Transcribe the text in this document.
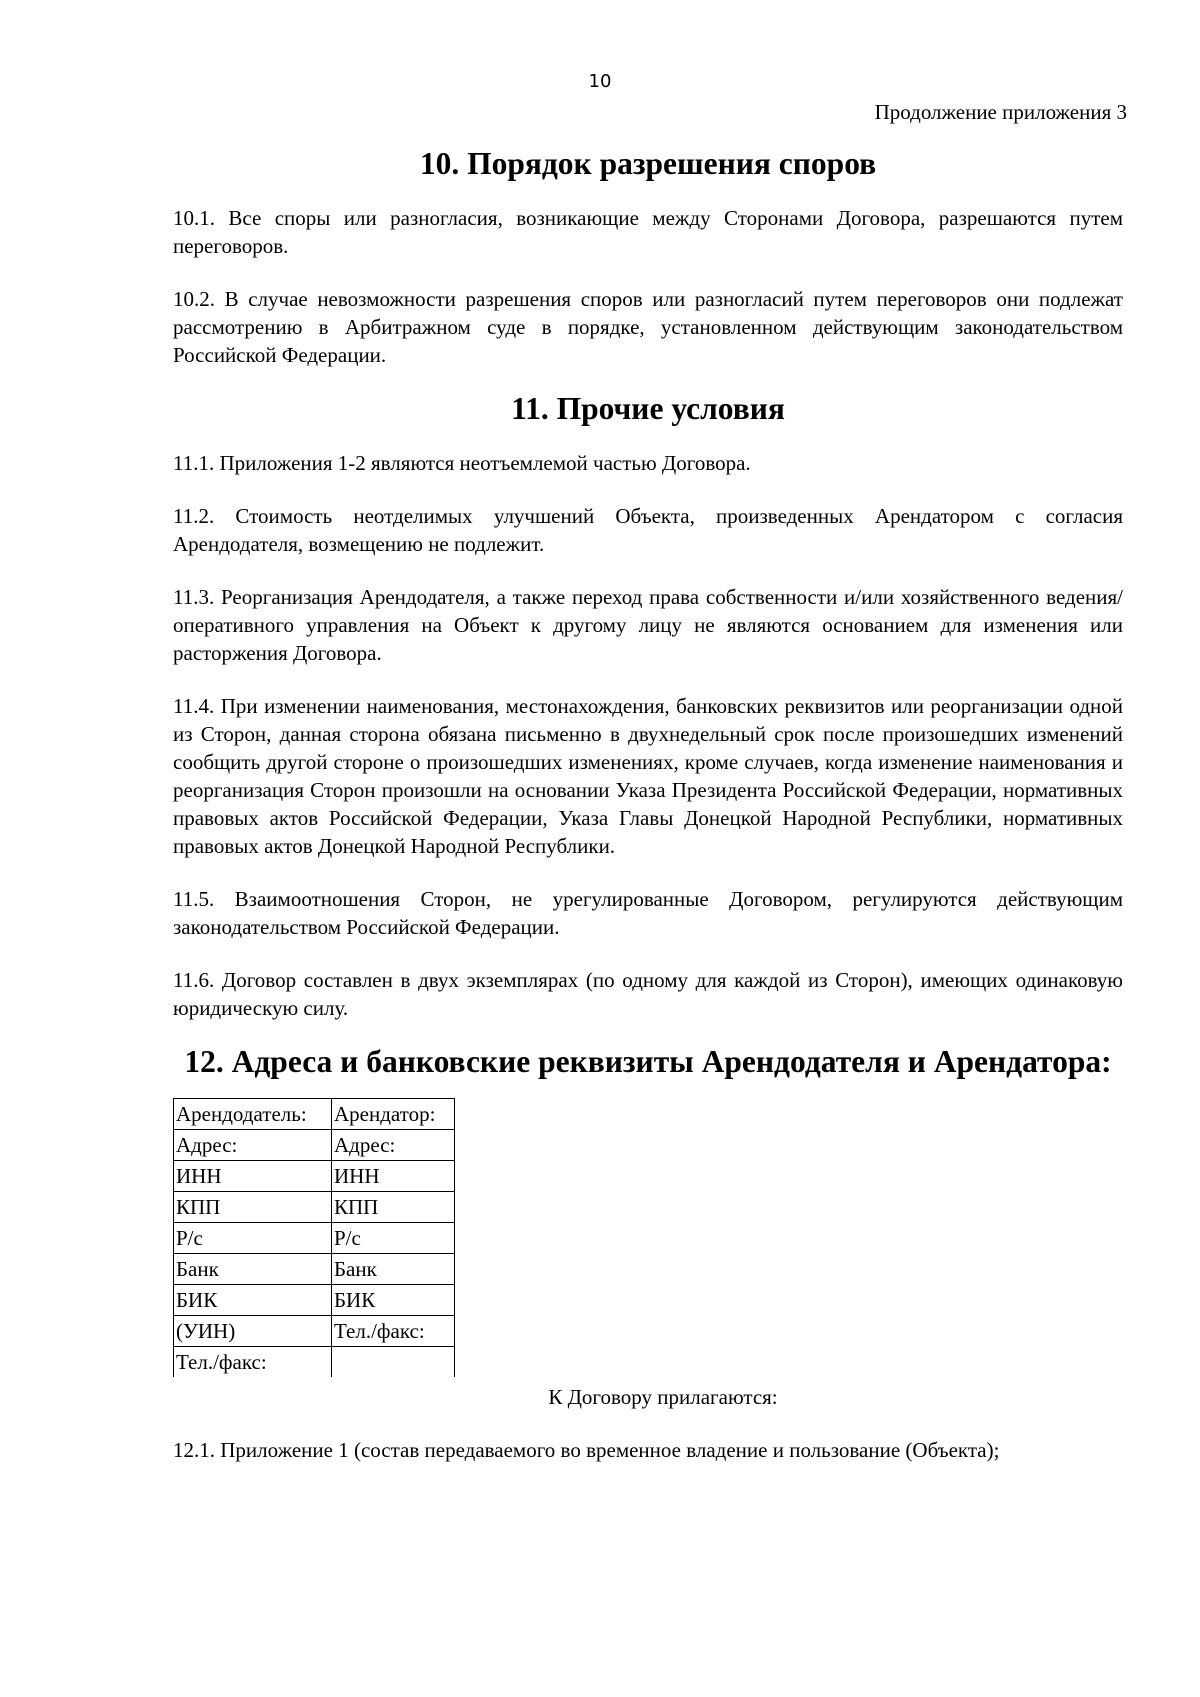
10
Продолжение приложения 3
10. Порядок разрешения споров

10.1. Все споры или разногласия, возникающие между Сторонами Договора, разрешаются путем переговоров.

10.2. В случае невозможности разрешения споров или разногласий путем переговоров они подлежат рассмотрению в Арбитражном суде в порядке, установленном действующим законодательством Российской Федерации.

11. Прочие условия

11.1. Приложения 1-2 являются неотъемлемой частью Договора.

11.2. Стоимость неотделимых улучшений Объекта, произведенных Арендатором с согласия Арендодателя, возмещению не подлежит.

11.3. Реорганизация Арендодателя, а также переход права собственности и/или хозяйственного ведения/оперативного управления на Объект к другому лицу не являются основанием для изменения или расторжения Договора.

11.4. При изменении наименования, местонахождения, банковских реквизитов или реорганизации одной из Сторон, данная сторона обязана письменно в двухнедельный срок после произошедших изменений сообщить другой стороне о произошедших изменениях, кроме случаев, когда изменение наименования и реорганизация Сторон произошли на основании Указа Президента Российской Федерации, нормативных правовых актов Российской Федерации, Указа Главы Донецкой Народной Республики, нормативных правовых актов Донецкой Народной Республики.

11.5. Взаимоотношения Сторон, не урегулированные Договором, регулируются действующим законодательством Российской Федерации.

11.6. Договор составлен в двух экземплярах (по одному для каждой из Сторон), имеющих одинаковую юридическую силу.

12. Адреса и банковские реквизиты Арендодателя и Арендатора:
Арендодатель:	Арендатор:
Адрес:	Адрес:
ИНН	ИНН
КПП	КПП
Р/с	Р/с
Банк	Банк
БИК	БИК
(УИН)	Тел./факс:
Тел./факс:	

К Договору прилагаются:

12.1. Приложение 1 (состав передаваемого во временное владение и пользование (Объекта);
